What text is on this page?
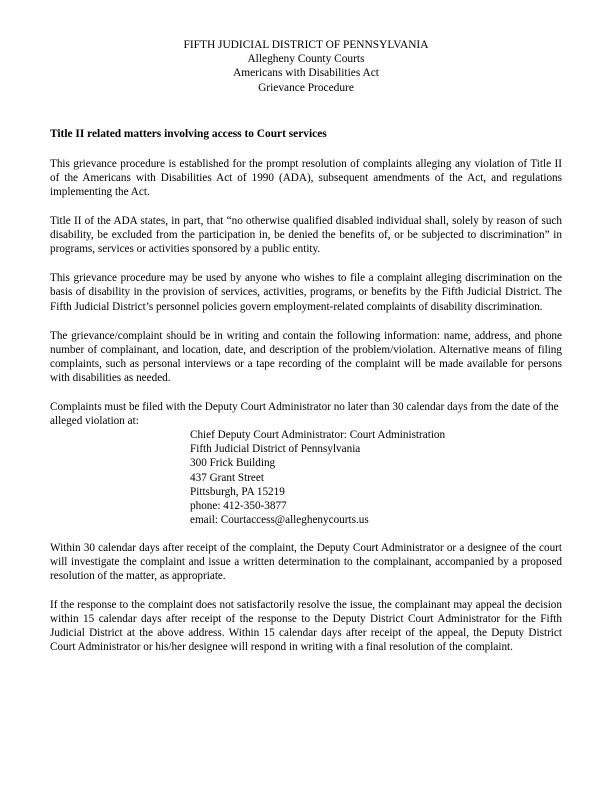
FIFTH JUDICIAL DISTRICT OF PENNSYLVANIA
Allegheny County Courts
Americans with Disabilities Act
Grievance Procedure
Title II related matters involving access to Court services

This grievance procedure is established for the prompt resolution of complaints alleging any violation of Title II of the Americans with Disabilities Act of 1990 (ADA), subsequent amendments of the Act, and regulations implementing the Act.

Title II of the ADA states, in part, that “no otherwise qualified disabled individual shall, solely by reason of such disability, be excluded from the participation in, be denied the benefits of, or be subjected to discrimination” in programs, services or activities sponsored by a public entity.

This grievance procedure may be used by anyone who wishes to file a complaint alleging discrimination on the basis of disability in the provision of services, activities, programs, or benefits by the Fifth Judicial District. The Fifth Judicial District’s personnel policies govern employment-related complaints of disability discrimination.

The grievance/complaint should be in writing and contain the following information: name, address, and phone number of complainant, and location, date, and description of the problem/violation. Alternative means of filing complaints, such as personal interviews or a tape recording of the complaint will be made available for persons with disabilities as needed.

Complaints must be filed with the Deputy Court Administrator no later than 30 calendar days from the date of the alleged violation at:

Chief Deputy Court Administrator: Court Administration
Fifth Judicial District of Pennsylvania
300 Frick Building
437 Grant Street
Pittsburgh, PA 15219
phone: 412-350-3877
email: Courtaccess@alleghenycourts.us

Within 30 calendar days after receipt of the complaint, the Deputy Court Administrator or a designee of the court will investigate the complaint and issue a written determination to the complainant, accompanied by a proposed resolution of the matter, as appropriate.

If the response to the complaint does not satisfactorily resolve the issue, the complainant may appeal the decision within 15 calendar days after receipt of the response to the Deputy District Court Administrator for the Fifth Judicial District at the above address. Within 15 calendar days after receipt of the appeal, the Deputy District Court Administrator or his/her designee will respond in writing with a final resolution of the complaint.
